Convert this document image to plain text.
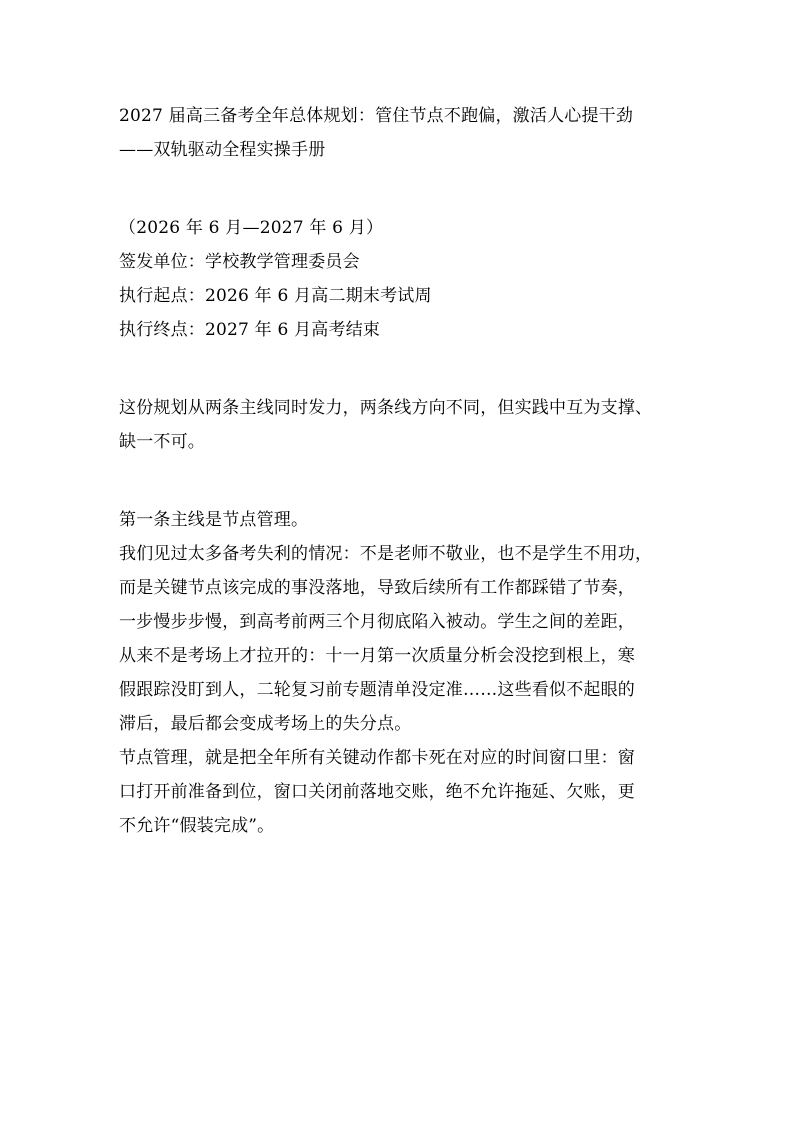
2027 届高三备考全年总体规划：管住节点不跑偏，激活人心提干劲
——双轨驱动全程实操手册
（2026 年 6 月—2027 年 6 月）
签发单位：学校教学管理委员会
执行起点：2026 年 6 月高二期末考试周
执行终点：2027 年 6 月高考结束
这份规划从两条主线同时发力，两条线方向不同，但实践中互为支撑、
缺一不可。
第一条主线是节点管理。
我们见过太多备考失利的情况：不是老师不敬业，也不是学生不用功，
而是关键节点该完成的事没落地，导致后续所有工作都踩错了节奏，
一步慢步步慢，到高考前两三个月彻底陷入被动。学生之间的差距，
从来不是考场上才拉开的：十一月第一次质量分析会没挖到根上，寒
假跟踪没盯到人，二轮复习前专题清单没定准……这些看似不起眼的
滞后，最后都会变成考场上的失分点。
节点管理，就是把全年所有关键动作都卡死在对应的时间窗口里：窗
口打开前准备到位，窗口关闭前落地交账，绝不允许拖延、欠账，更
不允许“假装完成”。
